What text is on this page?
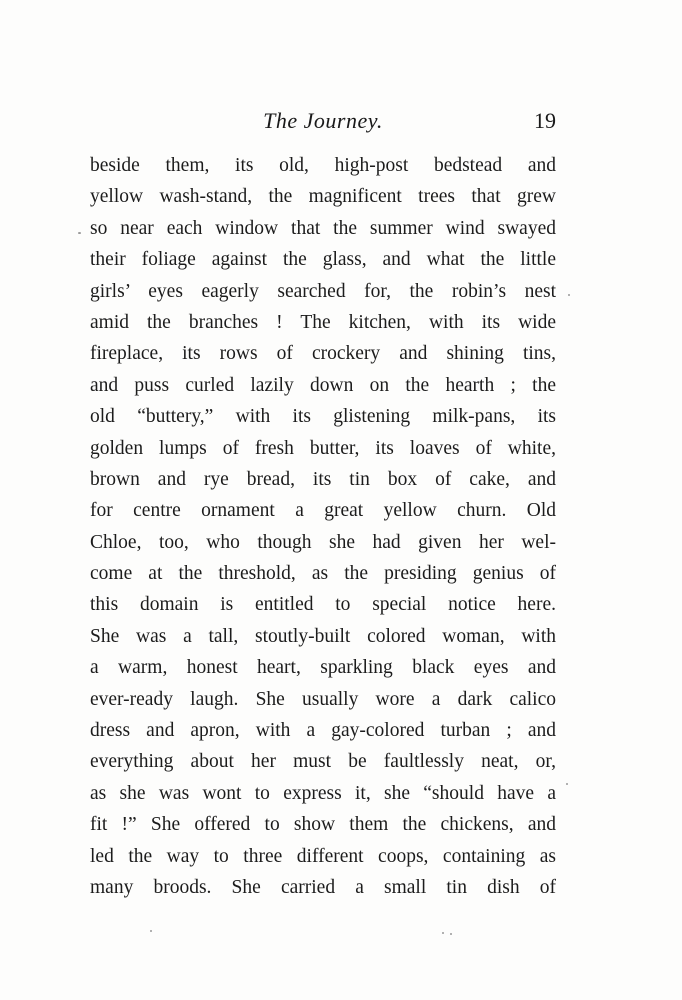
The Journey.	19
beside them, its old, high-post bedstead and
yellow wash-stand, the magnificent trees that grew
so near each window that the summer wind swayed
their foliage against the glass, and what the little
girls’ eyes eagerly searched for, the robin’s nest
amid the branches ! The kitchen, with its wide
fireplace, its rows of crockery and shining tins,
and puss curled lazily down on the hearth ; the
old “buttery,” with its glistening milk-pans, its
golden lumps of fresh butter, its loaves of white,
brown and rye bread, its tin box of cake, and
for centre ornament a great yellow churn. Old
Chloe, too, who though she had given her wel-
come at the threshold, as the presiding genius of
this domain is entitled to special notice here.
She was a tall, stoutly-built colored woman, with
a warm, honest heart, sparkling black eyes and
ever-ready laugh. She usually wore a dark calico
dress and apron, with a gay-colored turban ; and
everything about her must be faultlessly neat, or,
as she was wont to express it, she “should have a
fit !” She offered to show them the chickens, and
led the way to three different coops, containing as
many broods. She carried a small tin dish of
